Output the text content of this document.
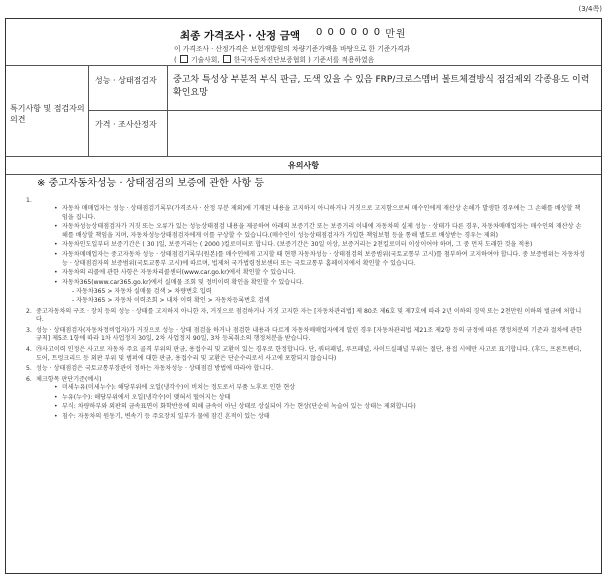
(3/4쪽)
최종 가격조사 · 산정 금액 0 0 0 0 0 0 만원
이 가격조사 · 산정가격은 보험개발원의 차량기준가액을 바탕으로 한 기준가격과
( 기술사회,  한국자동차진단보증협회 ) 기준서를 적용하였음
특기사항 및 점검자의 의견
성능 · 상태점검자	중고차 특성상 부분적 부식 판금, 도색 있을 수 있음 FRP/크로스멤버 볼트체결방식 점검제외 각종용도 이력확인요망
가격 · 조사산정자
유의사항
※ 중고자동차성능 · 상태점검의 보증에 관한 사항 등
1.
• 자동차 매매업자는 성능 · 상태점검기록부(가격조사 · 산정 부분 제외)에 기재된 내용을 고지하지 아니하거나 거짓으로 고지함으로써 매수인에게 재산상 손해가 발생한 경우에는 그 손해를 배상할 책임을 집니다.
• 자동차성능상태점검자가 거짓 또는 오류가 있는 성능상태점검 내용을 제공하여 아래의 보증기간 또는 보증거리 이내에 자동차의 실제 성능 · 상태가 다른 경우, 자동차매매업자는 매수인의 재산상 손해를 배상할 책임을 지며, 자동차성능상태점검자에게 이를 구상할 수 있습니다.(매수인이 성능상태점검자가 가입한 책임보험 등을 통해 별도로 배상받는 경우는 제외)
• 자동차인도일부터 보증기간은 ( 30 )일, 보증거리는 ( 2000 )킬로미터로 합니다. (보증기간은 30일 이상, 보증거리는 2천킬로미터 이상이어야 하며, 그 중 먼저 도래한 것을 적용)
• 자동차매매업자는 중고자동차 성능 · 상태점검기록부(원본)를 매수인에게 고지할 때 현행 자동차성능 · 상태점검의 보증범위(국토교통부 고시)를 첨부하여 고지하여야 합니다. 중 보증범위는 자동차성능 · 상태점검자의 보증범위(국토교통부 고시)에 따르며, 법제처 국가법령정보센터 또는 국토교통부 홈페이지에서 확인할 수 있습니다.
• 자동차의 리콜에 관한 사항은 자동차리콜센터(www.car.go.kr)에서 확인할 수 있습니다.
• 자동차365(www.car365.go.kr)에서 실매물 조회 및 정비이력 확인을 확인할 수 있습니다.
- 자동차365 > 자동차 실매물 검색 > 차량번호 입력
- 자동차365 > 자동차 이력조회 > 내차 이력 확인 > 자동차등록번호 검색
2. 중고자동차의 구조 · 장치 등의 성능 · 상태를 고지하지 아니한 자, 거짓으로 점검하거나 거짓 고지한 자는 [자동차관리법] 제 80조 제6호 및 제7호에 따라 2년 이하의 징역 또는 2천만원 이하의 벌금에 처합니다.
3. 성능 · 상태점검자(자동차정비업자)가 거짓으로 성능 · 상태 점검을 하거나 점검한 내용과 다르게 자동차매매업자에게 알린 경우 [자동차관리법 제21조 제2항 등의 규정에 따른 행정처분의 기준과 절차에 관한 규칙] 제5조 1항에 따라 1차 사업정지 30일, 2차 사업정지 90일, 3차 등록취소의 행정처분을 받습니다.
4. ㉮사고이력 인정은 사고로 자동차 주요 골격 부위의 판금, 용접수리 및 교환이 있는 경우로 한정합니다. 단, 쿼터패널, 루프패널, 사이드실패널 부위는 절단, 용접 시에만 사고로 표기합니다. (후드, 프론트펜더, 도어, 트렁크리드 등 외판 부위 및 범퍼에 대한 판금, 용접수리 및 교환은 단순수리로서 사고에 포함되지 않습니다)
5. 성능 · 상태점검은 국토교통부장관이 정하는 자동차성능 · 상태점검 방법에 따라야 합니다.
6. 체크항목 판단기준(예시)
• 미세누유(미세누수): 해당부위에 오일(냉각수)이 비치는 정도로서 부품 노후로 인한 현상
• 누유(누수): 해당부위에서 오일(냉각수)이 맺혀서 떨어지는 상태
• 부식: 차량하부와 외판의 금속표면이 화학반응에 의해 금속이 아닌 상태로 상실되어 가는 현상(단순히 녹슬어 있는 상태는 제외합니다)
• 침수: 자동차의 원동기, 변속기 등 주요장치 일부가 물에 잠긴 흔적이 있는 상태
